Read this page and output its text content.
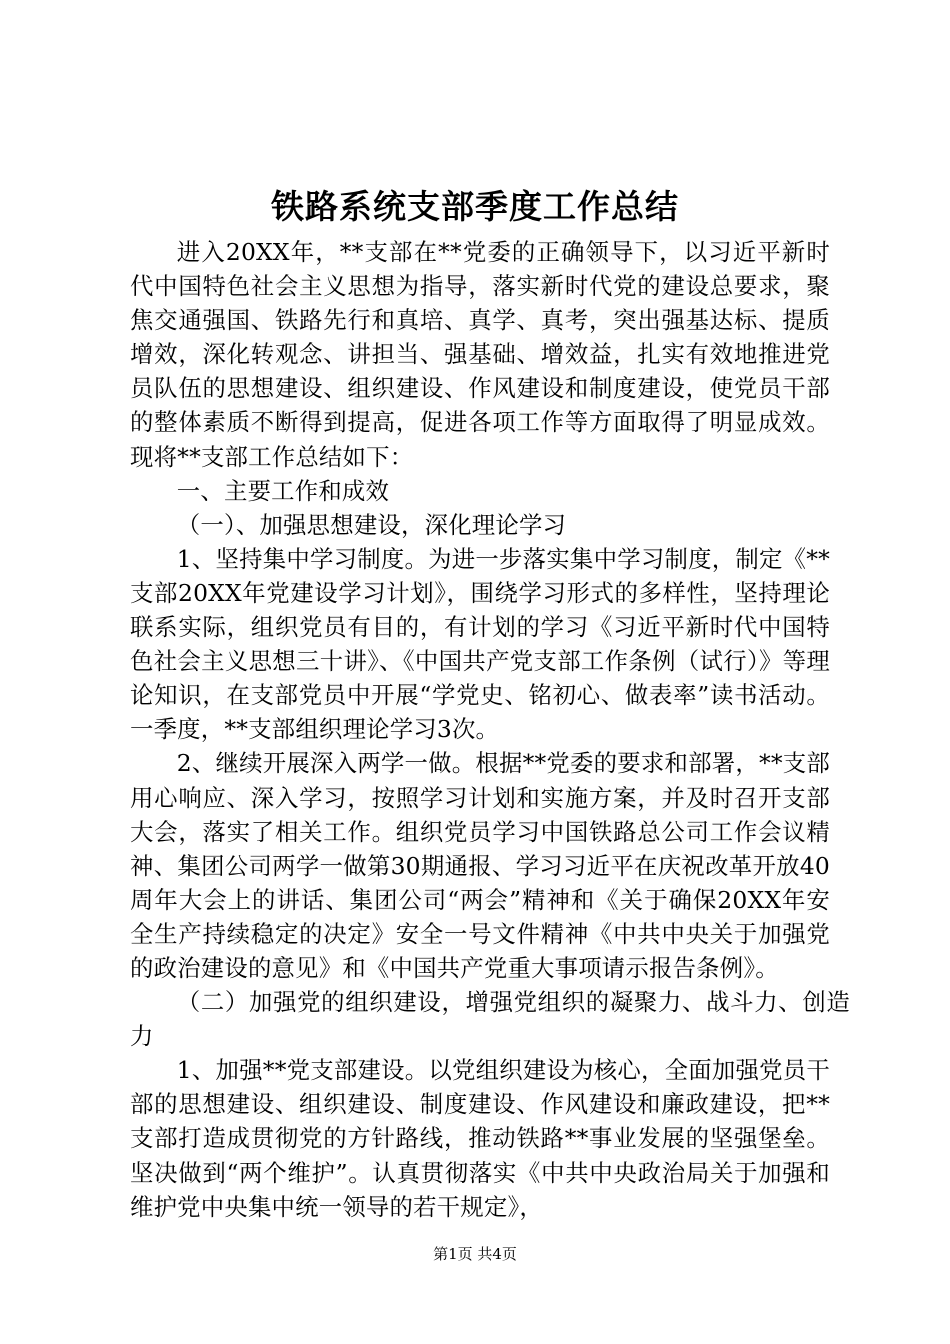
铁路系统支部季度工作总结

进入20XX年，**支部在**党委的正确领导下，以习近平新时代中国特色社会主义思想为指导，落实新时代党的建设总要求，聚焦交通强国、铁路先行和真培、真学、真考，突出强基达标、提质增效，深化转观念、讲担当、强基础、增效益，扎实有效地推进党员队伍的思想建设、组织建设、作风建设和制度建设，使党员干部的整体素质不断得到提高，促进各项工作等方面取得了明显成效。现将**支部工作总结如下：

一、主要工作和成效

（一）、加强思想建设，深化理论学习

1、坚持集中学习制度。为进一步落实集中学习制度，制定《**支部20XX年党建设学习计划》，围绕学习形式的多样性，坚持理论联系实际，组织党员有目的，有计划的学习《习近平新时代中国特色社会主义思想三十讲》、《中国共产党支部工作条例（试行）》等理论知识，在支部党员中开展“学党史、铭初心、做表率”读书活动。一季度，**支部组织理论学习3次。

2、继续开展深入两学一做。根据**党委的要求和部署，**支部用心响应、深入学习，按照学习计划和实施方案，并及时召开支部大会，落实了相关工作。组织党员学习中国铁路总公司工作会议精神、集团公司两学一做第30期通报、学习习近平在庆祝改革开放40周年大会上的讲话、集团公司“两会”精神和《关于确保20XX年安全生产持续稳定的决定》安全一号文件精神《中共中央关于加强党的政治建设的意见》和《中国共产党重大事项请示报告条例》。

（二）加强党的组织建设，增强党组织的凝聚力、战斗力、创造力

1、加强**党支部建设。以党组织建设为核心，全面加强党员干部的思想建设、组织建设、制度建设、作风建设和廉政建设，把**支部打造成贯彻党的方针路线，推动铁路**事业发展的坚强堡垒。坚决做到“两个维护”。认真贯彻落实《中共中央政治局关于加强和维护党中央集中统一领导的若干规定》，

第1页 共4页
